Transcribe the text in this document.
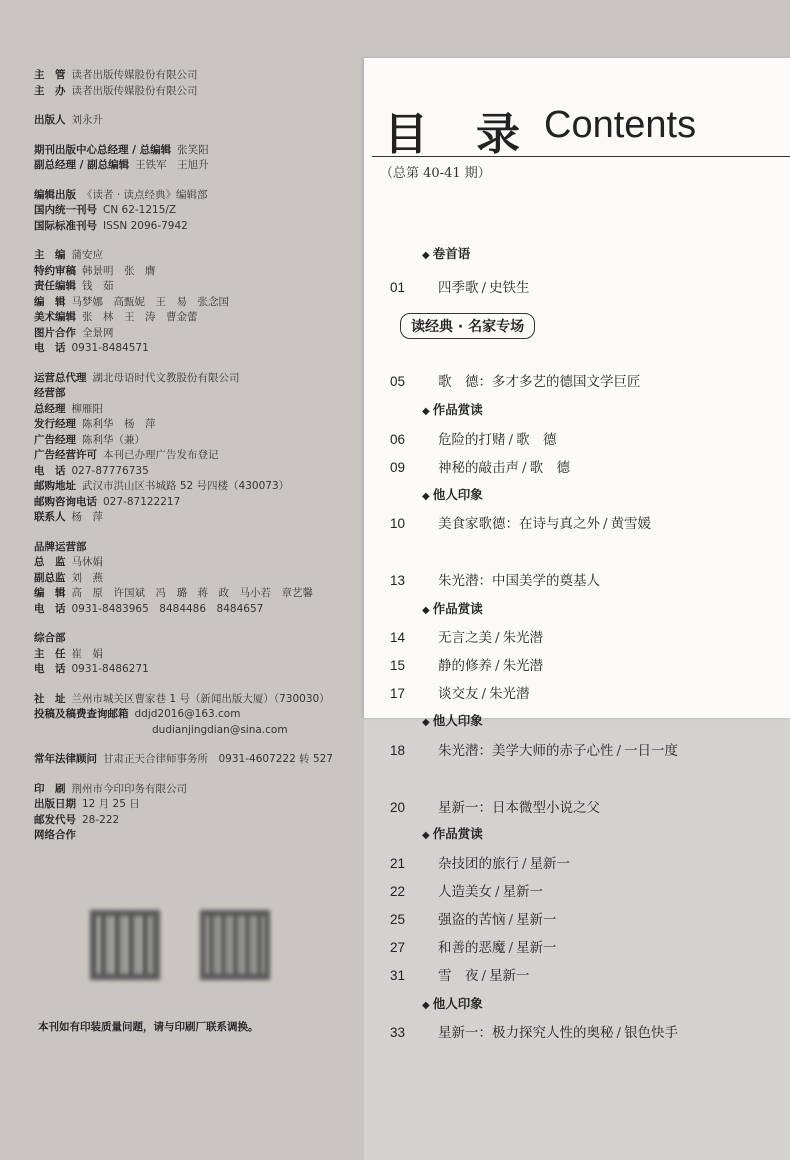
主　管 读者出版传媒股份有限公司
主　办 读者出版传媒股份有限公司
出版人 刘永升
期刊出版中心总经理 / 总编辑 张笑阳
副总经理 / 副总编辑 王铁军　王旭升
编辑出版 《读者 · 读点经典》编辑部
国内统一刊号 CN 62-1215/Z
国际标准刊号 ISSN 2096-7942
主　编 蒲安应
特约审稿 韩景明　张　膺
责任编辑 钱　茹
编　辑 马梦娜　高甄妮　王　易　张念国
美术编辑 张　林　王　涛　曹金蕾
图片合作 全景网
电　话 0931-8484571
运营总代理 湖北母语时代文教股份有限公司
经营部
总经理 柳雁阳
发行经理 陈利华　杨　萍
广告经理 陈利华（兼）
广告经营许可 本刊已办理广告发布登记
电　话 027-87776735
邮购地址 武汉市洪山区书城路 52 号四楼（430073）
邮购咨询电话 027-87122217
联系人 杨　萍
品牌运营部
总　监 马休娟
副总监 刘　燕
编　辑 高　原　许国斌　冯　璐　蒋　政　马小若　章艺馨
电　话 0931-8483965　8484486　8484657
综合部
主　任 崔　娟
电　话 0931-8486271
社　址 兰州市城关区曹家巷 1 号（新闻出版大厦）（730030）
投稿及稿费查询邮箱 ddjd2016@163.com
dudianjingdian@sina.com
常年法律顾问 甘肃正天合律师事务所　0931-4607222 转 527
印　刷 荆州市今印印务有限公司
出版日期 12 月 25 日
邮发代号 28-222
网络合作
本刊如有印装质量问题，请与印刷厂联系调换。
目　录 Contents
（总第 40-41 期）
读经典 · 名家专场
◆ 卷首语
01 四季歌 / 史铁生
05 歌　德：多才多艺的德国文学巨匠
◆ 作品赏读
06 危险的打赌 / 歌　德
09 神秘的敲击声 / 歌　德
◆ 他人印象
10 美食家歌德：在诗与真之外 / 黄雪媛
13 朱光潜：中国美学的奠基人
◆ 作品赏读
14 无言之美 / 朱光潜
15 静的修养 / 朱光潜
17 谈交友 / 朱光潜
◆ 他人印象
18 朱光潜：美学大师的赤子心性 / 一日一度
20 星新一：日本微型小说之父
◆ 作品赏读
21 杂技团的旅行 / 星新一
22 人造美女 / 星新一
25 强盗的苦恼 / 星新一
27 和善的恶魔 / 星新一
31 雪　夜 / 星新一
◆ 他人印象
33 星新一：极力探究人性的奥秘 / 银色快手
